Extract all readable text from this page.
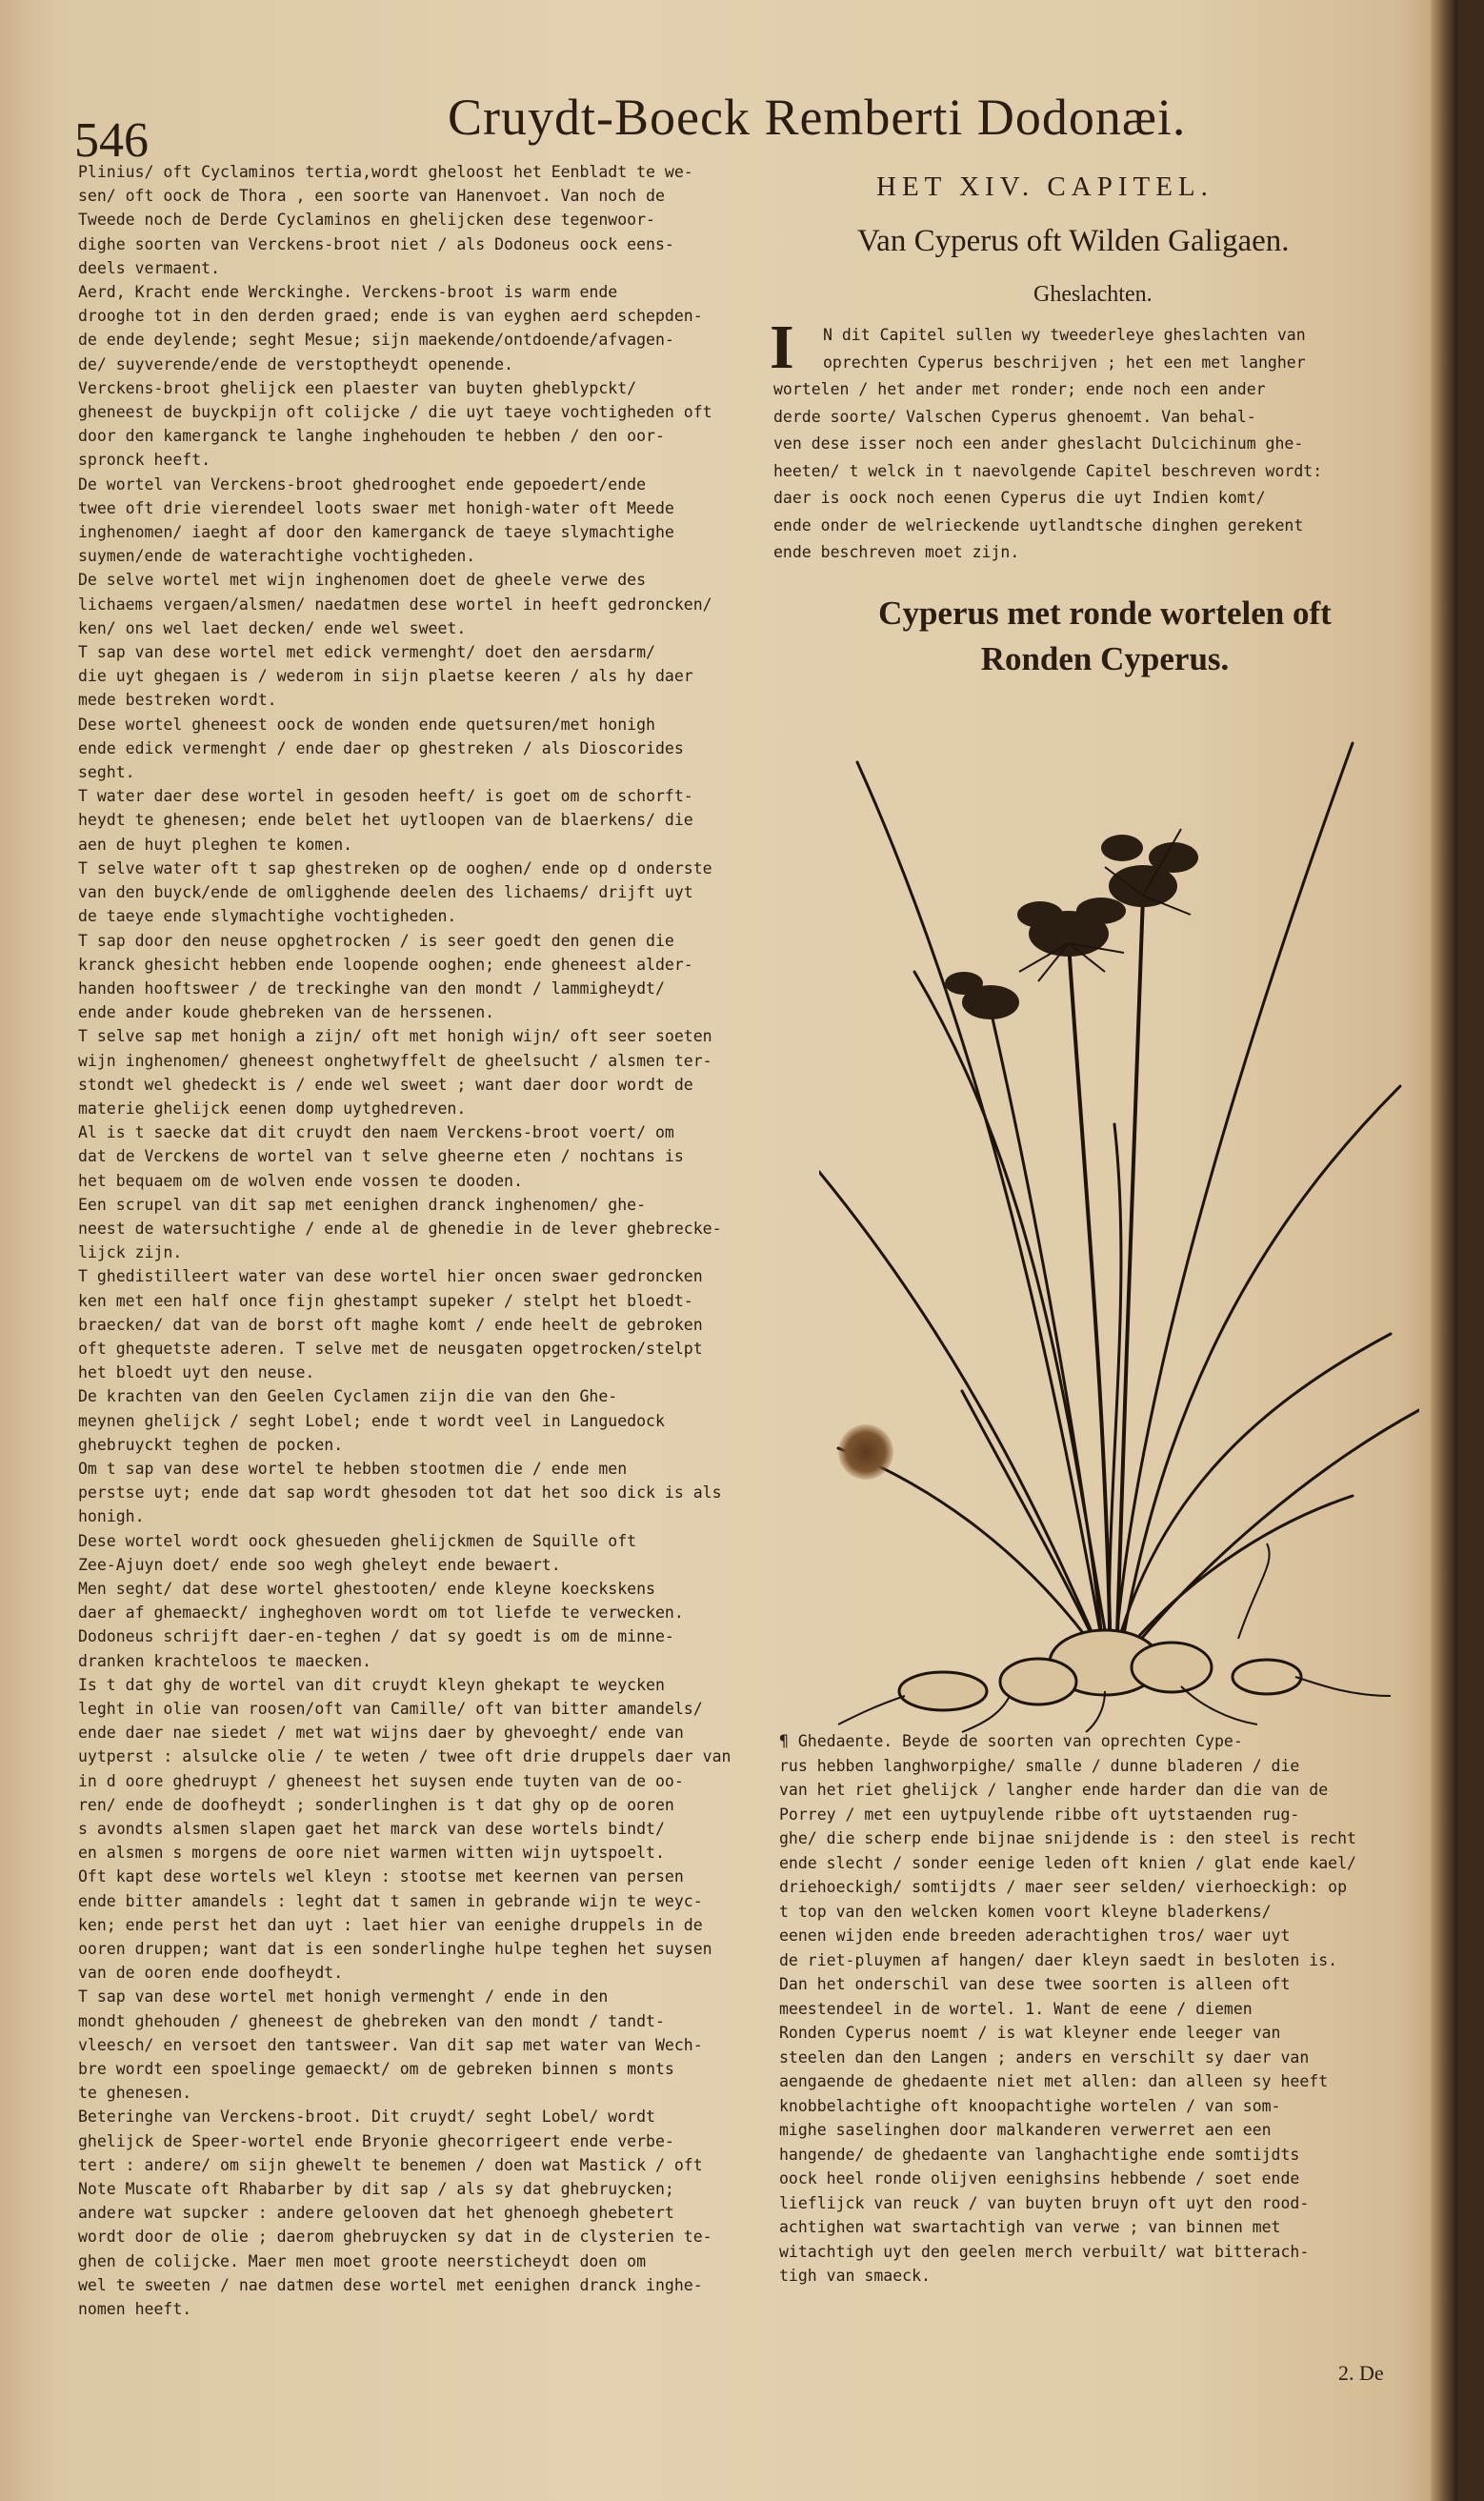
546	Cruydt-Boeck Remberti Dodonæi.
Plinius/ oft Cyclaminos tertia,wordt gheloost het Eenbladt te we-
sen/ oft oock de Thora , een soorte van Hanenvoet. Van noch de
Tweede noch de Derde Cyclaminos en ghelijcken dese tegenwoor-
dighe soorten van Verckens-broot niet / als Dodoneus oock eens-
deels vermaent.
Aerd, Kracht ende Werckinghe. Verckens-broot is warm ende
drooghe tot in den derden graed; ende is van eyghen aerd schepden-
de ende deylende; seght Mesue; sijn maekende/ontdoende/afvagen-
de/ suyverende/ende de verstoptheydt openende.
Verckens-broot ghelijck een plaester van buyten gheblypckt/
gheneest de buyckpijn oft colijcke / die uyt taeye vochtigheden oft
door den kamerganck te langhe inghehouden te hebben / den oor-
spronck heeft.
De wortel van Verckens-broot ghedrooghet ende gepoedert/ende
twee oft drie vierendeel loots swaer met honigh-water oft Meede
inghenomen/ iaeght af door den kamerganck de taeye slymachtighe
suymen/ende de waterachtighe vochtigheden.
De selve wortel met wijn inghenomen doet de gheele verwe des
lichaems vergaen/alsmen/ naedatmen dese wortel in heeft gedroncken/
ken/ ons wel laet decken/ ende wel sweet.
T sap van dese wortel met edick vermenght/ doet den aersdarm/
die uyt ghegaen is / wederom in sijn plaetse keeren / als hy daer
mede bestreken wordt.
Dese wortel gheneest oock de wonden ende quetsuren/met honigh
ende edick vermenght / ende daer op ghestreken / als Dioscorides
seght.
T water daer dese wortel in gesoden heeft/ is goet om de schorft-
heydt te ghenesen; ende belet het uytloopen van de blaerkens/ die
aen de huyt pleghen te komen.
T selve water oft t sap ghestreken op de ooghen/ ende op d onderste
van den buyck/ende de omligghende deelen des lichaems/ drijft uyt
de taeye ende slymachtighe vochtigheden.
T sap door den neuse opghetrocken / is seer goedt den genen die
kranck ghesicht hebben ende loopende ooghen; ende gheneest alder-
handen hooftsweer / de treckinghe van den mondt / lammigheydt/
ende ander koude ghebreken van de herssenen.
T selve sap met honigh a zijn/ oft met honigh wijn/ oft seer soeten
wijn inghenomen/ gheneest onghetwyffelt de gheelsucht / alsmen ter-
stondt wel ghedeckt is / ende wel sweet ; want daer door wordt de
materie ghelijck eenen domp uytghedreven.
Al is t saecke dat dit cruydt den naem Verckens-broot voert/ om
dat de Verckens de wortel van t selve gheerne eten / nochtans is
het bequaem om de wolven ende vossen te dooden.
Een scrupel van dit sap met eenighen dranck inghenomen/ ghe-
neest de watersuchtighe / ende al de ghenedie in de lever ghebrecke-
lijck zijn.
T ghedistilleert water van dese wortel hier oncen swaer gedroncken
ken met een half once fijn ghestampt supeker / stelpt het bloedt-
braecken/ dat van de borst oft maghe komt / ende heelt de gebroken
oft ghequetste aderen. T selve met de neusgaten opgetrocken/stelpt
het bloedt uyt den neuse.
De krachten van den Geelen Cyclamen zijn die van den Ghe-
meynen ghelijck / seght Lobel; ende t wordt veel in Languedock
ghebruyckt teghen de pocken.
Om t sap van dese wortel te hebben stootmen die / ende men
perstse uyt; ende dat sap wordt ghesoden tot dat het soo dick is als
honigh.
Dese wortel wordt oock ghesueden ghelijckmen de Squille oft
Zee-Ajuyn doet/ ende soo wegh gheleyt ende bewaert.
Men seght/ dat dese wortel ghestooten/ ende kleyne koeckskens
daer af ghemaeckt/ ingheghoven wordt om tot liefde te verwecken.
Dodoneus schrijft daer-en-teghen / dat sy goedt is om de minne-
dranken krachteloos te maecken.
Is t dat ghy de wortel van dit cruydt kleyn ghekapt te weycken
leght in olie van roosen/oft van Camille/ oft van bitter amandels/
ende daer nae siedet / met wat wijns daer by ghevoeght/ ende van
uytperst : alsulcke olie / te weten / twee oft drie druppels daer van
in d oore ghedruypt / gheneest het suysen ende tuyten van de oo-
ren/ ende de doofheydt ; sonderlinghen is t dat ghy op de ooren
s avondts alsmen slapen gaet het marck van dese wortels bindt/
en alsmen s morgens de oore niet warmen witten wijn uytspoelt.
Oft kapt dese wortels wel kleyn : stootse met keernen van persen
ende bitter amandels : leght dat t samen in gebrande wijn te weyc-
ken; ende perst het dan uyt : laet hier van eenighe druppels in de
ooren druppen; want dat is een sonderlinghe hulpe teghen het suysen
van de ooren ende doofheydt.
T sap van dese wortel met honigh vermenght / ende in den
mondt ghehouden / gheneest de ghebreken van den mondt / tandt-
vleesch/ en versoet den tantsweer. Van dit sap met water van Wech-
bre wordt een spoelinge gemaeckt/ om de gebreken binnen s monts
te ghenesen.
Beteringhe van Verckens-broot. Dit cruydt/ seght Lobel/ wordt
ghelijck de Speer-wortel ende Bryonie ghecorrigeert ende verbe-
tert : andere/ om sijn ghewelt te benemen / doen wat Mastick / oft
Note Muscate oft Rhabarber by dit sap / als sy dat ghebruycken;
andere wat supcker : andere gelooven dat het ghenoegh ghebetert
wordt door de olie ; daerom ghebruycken sy dat in de clysterien te-
ghen de colijcke. Maer men moet groote neersticheydt doen om
wel te sweeten / nae datmen dese wortel met eenighen dranck inghe-
nomen heeft.
HET XIV. CAPITEL.
Van Cyperus oft Wilden Galigaen.
Gheslachten.
I	N dit Capitel sullen wy tweederleye gheslachten van
oprechten Cyperus beschrijven ; het een met langher
wortelen / het ander met ronder; ende noch een ander
derde soorte/ Valschen Cyperus ghenoemt. Van behal-
ven dese isser noch een ander gheslacht Dulcichinum ghe-
heeten/ t welck in t naevolgende Capitel beschreven wordt:
daer is oock noch eenen Cyperus die uyt Indien komt/
ende onder de welrieckende uytlandtsche dinghen gerekent
ende beschreven moet zijn.
Cyperus met ronde wortelen oft
Ronden Cyperus.
¶ Ghedaente. Beyde de soorten van oprechten Cype-
rus hebben langhworpighe/ smalle / dunne bladeren / die
van het riet ghelijck / langher ende harder dan die van de
Porrey / met een uytpuylende ribbe oft uytstaenden rug-
ghe/ die scherp ende bijnae snijdende is : den steel is recht
ende slecht / sonder eenige leden oft knien / glat ende kael/
driehoeckigh/ somtijdts / maer seer selden/ vierhoeckigh: op
t top van den welcken komen voort kleyne bladerkens/
eenen wijden ende breeden aderachtighen tros/ waer uyt
de riet-pluymen af hangen/ daer kleyn saedt in besloten is.
Dan het onderschil van dese twee soorten is alleen oft
meestendeel in de wortel. 1. Want de eene / diemen
Ronden Cyperus noemt / is wat kleyner ende leeger van
steelen dan den Langen ; anders en verschilt sy daer van
aengaende de ghedaente niet met allen: dan alleen sy heeft
knobbelachtighe oft knoopachtighe wortelen / van som-
mighe saselinghen door malkanderen verwerret aen een
hangende/ de ghedaente van langhachtighe ende somtijdts
oock heel ronde olijven eenighsins hebbende / soet ende
lieflijck van reuck / van buyten bruyn oft uyt den rood-
achtighen wat swartachtigh van verwe ; van binnen met
witachtigh uyt den geelen merch verbuilt/ wat bitterach-
tigh van smaeck.
2. De
